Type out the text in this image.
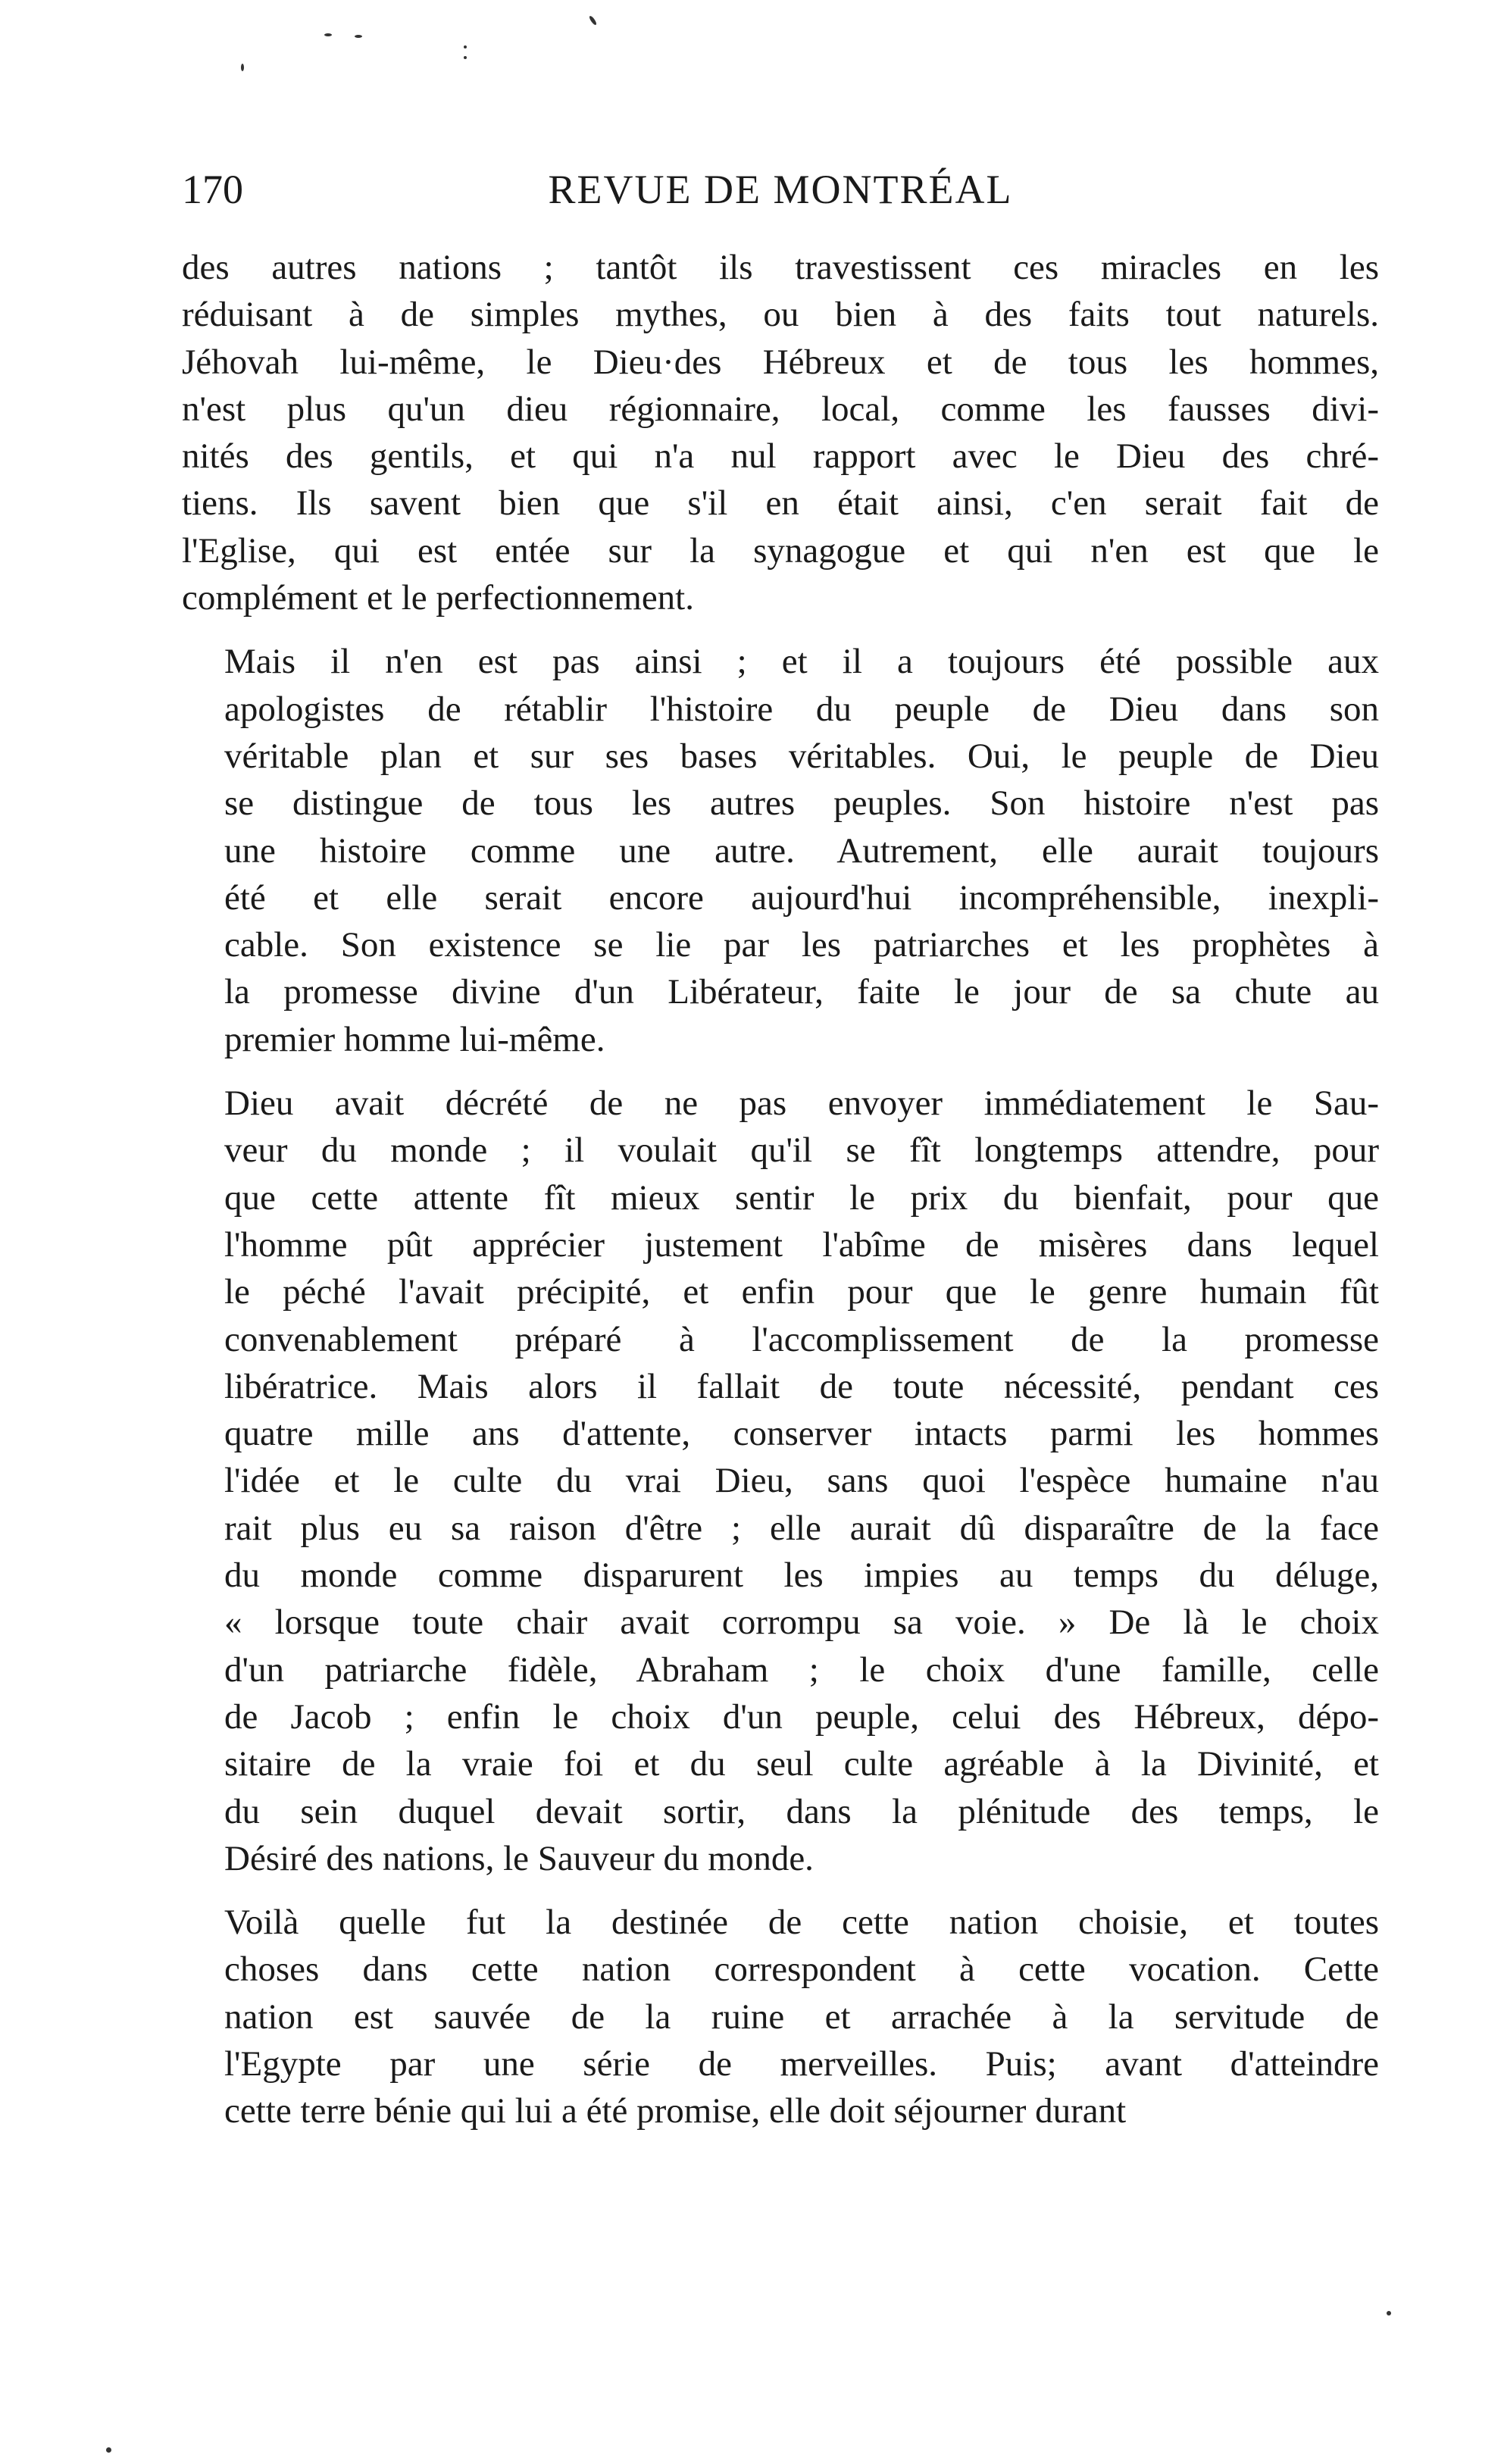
170	REVUE DE MONTRÉAL

des autres nations ; tantôt ils travestissent ces miracles en les
réduisant à de simples mythes, ou bien à des faits tout naturels.
Jéhovah lui-même, le Dieu·des Hébreux et de tous les hommes,
n'est plus qu'un dieu régionnaire, local, comme les fausses divi-
nités des gentils, et qui n'a nul rapport avec le Dieu des chré-
tiens. Ils savent bien que s'il en était ainsi, c'en serait fait de
l'Eglise, qui est entée sur la synagogue et qui n'en est que le
complément et le perfectionnement.

Mais il n'en est pas ainsi ; et il a toujours été possible aux
apologistes de rétablir l'histoire du peuple de Dieu dans son
véritable plan et sur ses bases véritables. Oui, le peuple de Dieu
se distingue de tous les autres peuples. Son histoire n'est pas
une histoire comme une autre. Autrement, elle aurait toujours
été et elle serait encore aujourd'hui incompréhensible, inexpli-
cable. Son existence se lie par les patriarches et les prophètes à
la promesse divine d'un Libérateur, faite le jour de sa chute au
premier homme lui-même.

Dieu avait décrété de ne pas envoyer immédiatement le Sau-
veur du monde ; il voulait qu'il se fît longtemps attendre, pour
que cette attente fît mieux sentir le prix du bienfait, pour que
l'homme pût apprécier justement l'abîme de misères dans lequel
le péché l'avait précipité, et enfin pour que le genre humain fût
convenablement préparé à l'accomplissement de la promesse
libératrice. Mais alors il fallait de toute nécessité, pendant ces
quatre mille ans d'attente, conserver intacts parmi les hommes
l'idée et le culte du vrai Dieu, sans quoi l'espèce humaine n'au
rait plus eu sa raison d'être ; elle aurait dû disparaître de la face
du monde comme disparurent les impies au temps du déluge,
« lorsque toute chair avait corrompu sa voie. » De là le choix
d'un patriarche fidèle, Abraham ; le choix d'une famille, celle
de Jacob ; enfin le choix d'un peuple, celui des Hébreux, dépo-
sitaire de la vraie foi et du seul culte agréable à la Divinité, et
du sein duquel devait sortir, dans la plénitude des temps, le
Désiré des nations, le Sauveur du monde.

Voilà quelle fut la destinée de cette nation choisie, et toutes
choses dans cette nation correspondent à cette vocation. Cette
nation est sauvée de la ruine et arrachée à la servitude de
l'Egypte par une série de merveilles. Puis; avant d'atteindre
cette terre bénie qui lui a été promise, elle doit séjourner durant
